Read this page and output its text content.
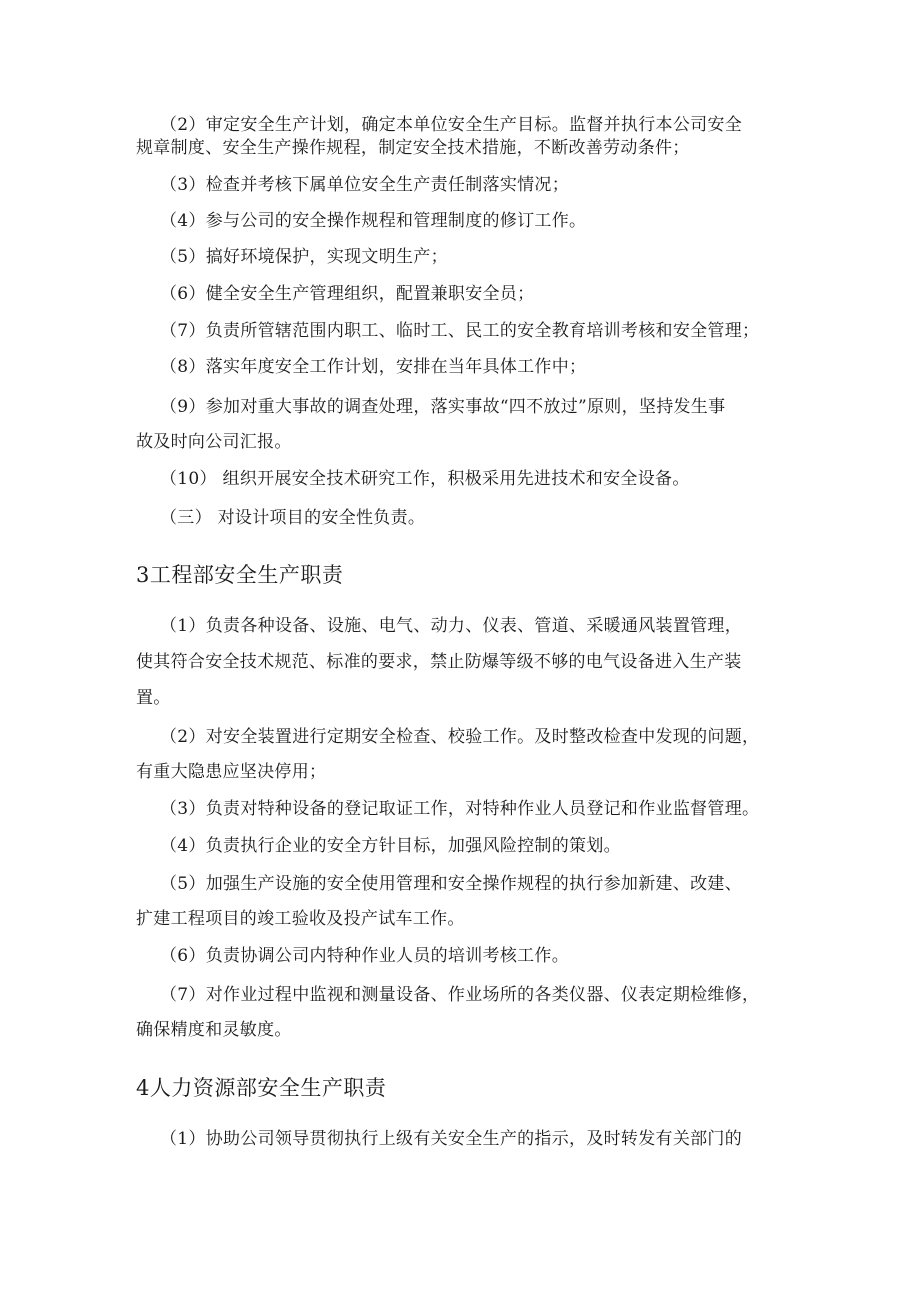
（2）审定安全生产计划，确定本单位安全生产目标。监督并执行本公司安全
规章制度、安全生产操作规程，制定安全技术措施，不断改善劳动条件；
（3）检查并考核下属单位安全生产责任制落实情况；
（4）参与公司的安全操作规程和管理制度的修订工作。
（5）搞好环境保护，实现文明生产；
（6）健全安全生产管理组织，配置兼职安全员；
（7）负责所管辖范围内职工、临时工、民工的安全教育培训考核和安全管理；
（8）落实年度安全工作计划，安排在当年具体工作中；
（9）参加对重大事故的调查处理，落实事故“四不放过”原则，坚持发生事
故及时向公司汇报。
（10） 组织开展安全技术研究工作，积极采用先进技术和安全设备。
（三） 对设计项目的安全性负责。
3工程部安全生产职责
（1）负责各种设备、设施、电气、动力、仪表、管道、采暖通风装置管理，
使其符合安全技术规范、标准的要求，禁止防爆等级不够的电气设备进入生产装
置。
（2）对安全装置进行定期安全检查、校验工作。及时整改检查中发现的问题，
有重大隐患应坚决停用；
（3）负责对特种设备的登记取证工作，对特种作业人员登记和作业监督管理。
（4）负责执行企业的安全方针目标，加强风险控制的策划。
（5）加强生产设施的安全使用管理和安全操作规程的执行参加新建、改建、
扩建工程项目的竣工验收及投产试车工作。
（6）负责协调公司内特种作业人员的培训考核工作。
（7）对作业过程中监视和测量设备、作业场所的各类仪器、仪表定期检维修，
确保精度和灵敏度。
4人力资源部安全生产职责
（1）协助公司领导贯彻执行上级有关安全生产的指示，及时转发有关部门的
